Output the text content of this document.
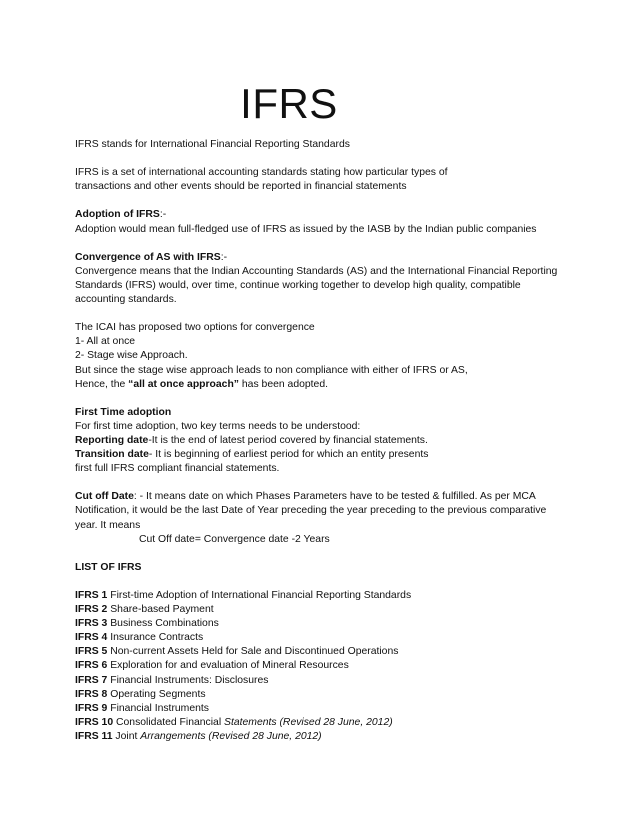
IFRS

IFRS stands for International Financial Reporting Standards

IFRS is a set of international accounting standards stating how particular types of

transactions and other events should be reported in financial statements

Adoption of IFRS:-

Adoption would mean full-fledged use of IFRS as issued by the IASB by the Indian public companies

Convergence of AS with IFRS:-

Convergence means that the Indian Accounting Standards (AS) and the International Financial Reporting

Standards (IFRS) would, over time, continue working together to develop high quality, compatible

accounting standards.

The ICAI has proposed two options for convergence

1- All at once

2- Stage wise Approach.

But since the stage wise approach leads to non compliance with either of IFRS or AS,

Hence, the “all at once approach” has been adopted.

First Time adoption

For first time adoption, two key terms needs to be understood:

Reporting date-It is the end of latest period covered by financial statements.

Transition date- It is beginning of earliest period for which an entity presents

first full IFRS compliant financial statements.

Cut off Date: - It means date on which Phases Parameters have to be tested & fulfilled. As per MCA

Notification, it would be the last Date of Year preceding the year preceding to the previous comparative

year. It means

Cut Off date= Convergence date -2 Years

LIST OF IFRS

IFRS 1 First-time Adoption of International Financial Reporting Standards

IFRS 2 Share-based Payment

IFRS 3 Business Combinations

IFRS 4 Insurance Contracts

IFRS 5 Non-current Assets Held for Sale and Discontinued Operations

IFRS 6 Exploration for and evaluation of Mineral Resources

IFRS 7 Financial Instruments: Disclosures

IFRS 8 Operating Segments

IFRS 9 Financial Instruments

IFRS 10 Consolidated Financial Statements (Revised 28 June, 2012)

IFRS 11 Joint Arrangements (Revised 28 June, 2012)
